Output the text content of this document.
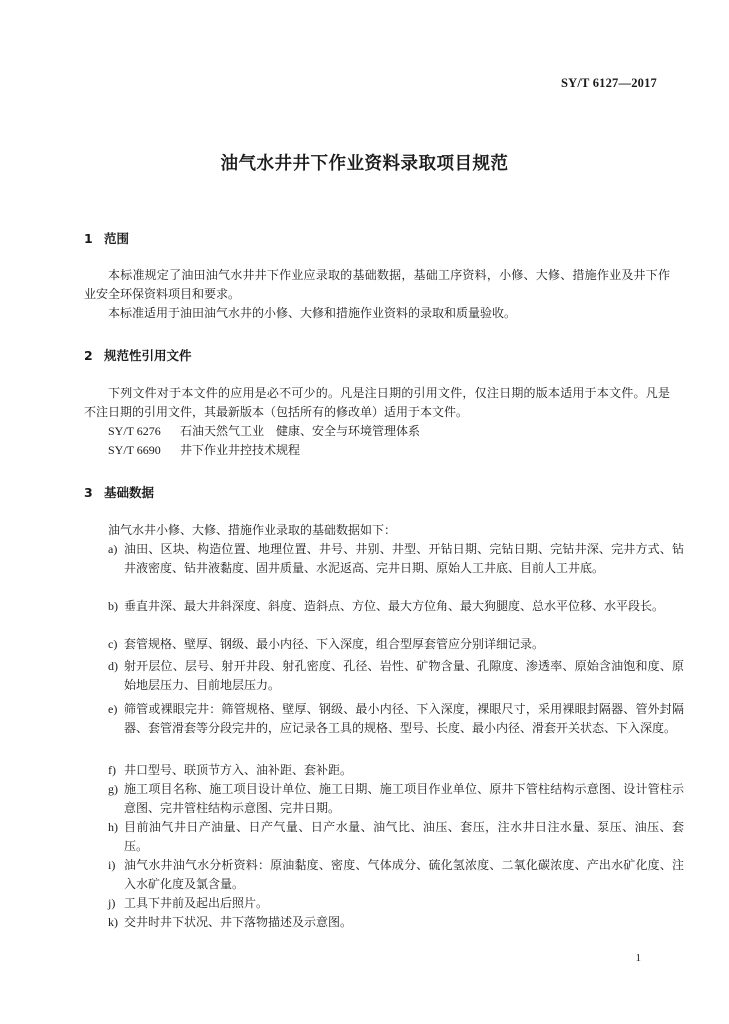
SY/T 6127—2017
油气水井井下作业资料录取项目规范
1 范围

本标准规定了油田油气水井井下作业应录取的基础数据，基础工序资料，小修、大修、措施作业及井下作业安全环保资料项目和要求。

本标准适用于油田油气水井的小修、大修和措施作业资料的录取和质量验收。

2 规范性引用文件

下列文件对于本文件的应用是必不可少的。凡是注日期的引用文件，仅注日期的版本适用于本文件。凡是不注日期的引用文件，其最新版本（包括所有的修改单）适用于本文件。

SY/T 6276 石油天然气工业　健康、安全与环境管理体系

SY/T 6690 井下作业井控技术规程

3 基础数据

油气水井小修、大修、措施作业录取的基础数据如下：

a) 油田、区块、构造位置、地理位置、井号、井别、井型、开钻日期、完钻日期、完钻井深、完井方式、钻井液密度、钻井液黏度、固井质量、水泥返高、完井日期、原始人工井底、目前人工井底。
b) 垂直井深、最大井斜深度、斜度、造斜点、方位、最大方位角、最大狗腿度、总水平位移、水平段长。
c) 套管规格、壁厚、钢级、最小内径、下入深度，组合型厚套管应分别详细记录。
d) 射开层位、层号、射开井段、射孔密度、孔径、岩性、矿物含量、孔隙度、渗透率、原始含油饱和度、原始地层压力、目前地层压力。
e) 筛管或裸眼完井：筛管规格、壁厚、钢级、最小内径、下入深度，裸眼尺寸，采用裸眼封隔器、管外封隔器、套管滑套等分段完井的，应记录各工具的规格、型号、长度、最小内径、滑套开关状态、下入深度。
f) 井口型号、联顶节方入、油补距、套补距。
g) 施工项目名称、施工项目设计单位、施工日期、施工项目作业单位、原井下管柱结构示意图、设计管柱示意图、完井管柱结构示意图、完井日期。
h) 目前油气井日产油量、日产气量、日产水量、油气比、油压、套压，注水井日注水量、泵压、油压、套压。
i) 油气水井油气水分析资料：原油黏度、密度、气体成分、硫化氢浓度、二氧化碳浓度、产出水矿化度、注入水矿化度及氯含量。
j) 工具下井前及起出后照片。
k) 交井时井下状况、井下落物描述及示意图。
1
